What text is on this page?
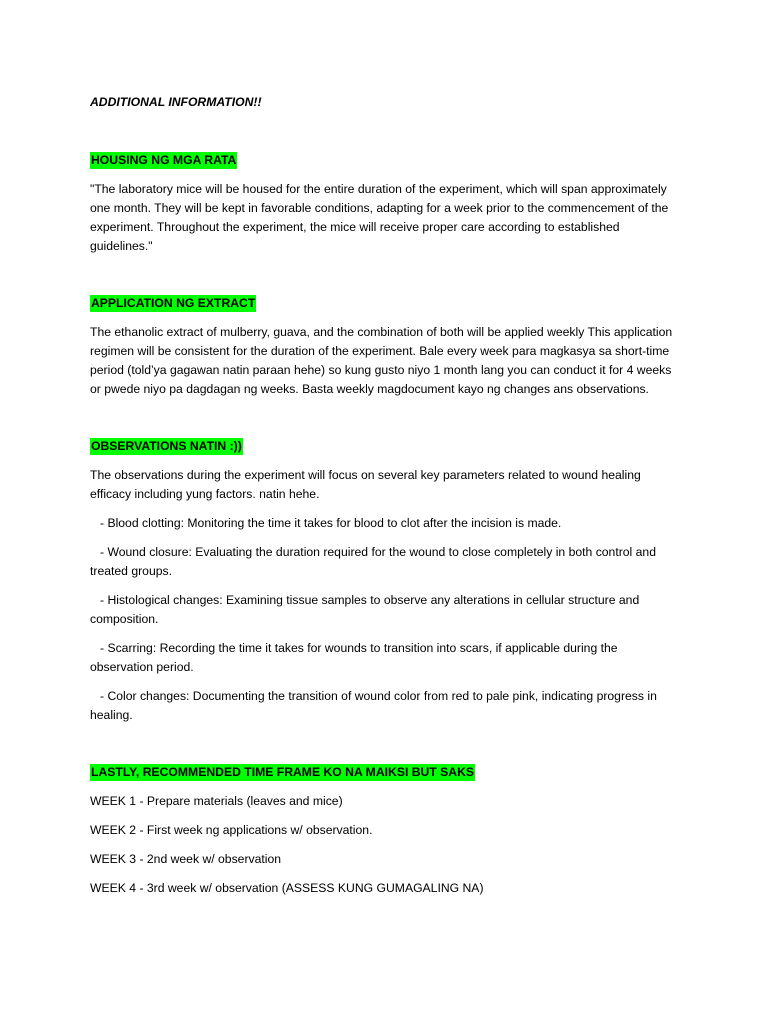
ADDITIONAL INFORMATION!!
HOUSING NG MGA RATA

"The laboratory mice will be housed for the entire duration of the experiment, which will span approximately one month. They will be kept in favorable conditions, adapting for a week prior to the commencement of the experiment. Throughout the experiment, the mice will receive proper care according to established guidelines."

APPLICATION NG EXTRACT

The ethanolic extract of mulberry, guava, and the combination of both will be applied weekly This application regimen will be consistent for the duration of the experiment. Bale every week para magkasya sa short-time period (told’ya gagawan natin paraan hehe) so kung gusto niyo 1 month lang you can conduct it for 4 weeks or pwede niyo pa dagdagan ng weeks. Basta weekly magdocument kayo ng changes ans observations.

OBSERVATIONS NATIN :))

The observations during the experiment will focus on several key parameters related to wound healing efficacy including yung factors. natin hehe.

- Blood clotting: Monitoring the time it takes for blood to clot after the incision is made.

- Wound closure: Evaluating the duration required for the wound to close completely in both control and treated groups.

- Histological changes: Examining tissue samples to observe any alterations in cellular structure and composition.

- Scarring: Recording the time it takes for wounds to transition into scars, if applicable during the observation period.

- Color changes: Documenting the transition of wound color from red to pale pink, indicating progress in healing.

LASTLY, RECOMMENDED TIME FRAME KO NA MAIKSI BUT SAKS

WEEK 1 - Prepare materials (leaves and mice)

WEEK 2 - First week ng applications w/ observation.

WEEK 3 - 2nd week w/ observation

WEEK 4 - 3rd week w/ observation (ASSESS KUNG GUMAGALING NA)
